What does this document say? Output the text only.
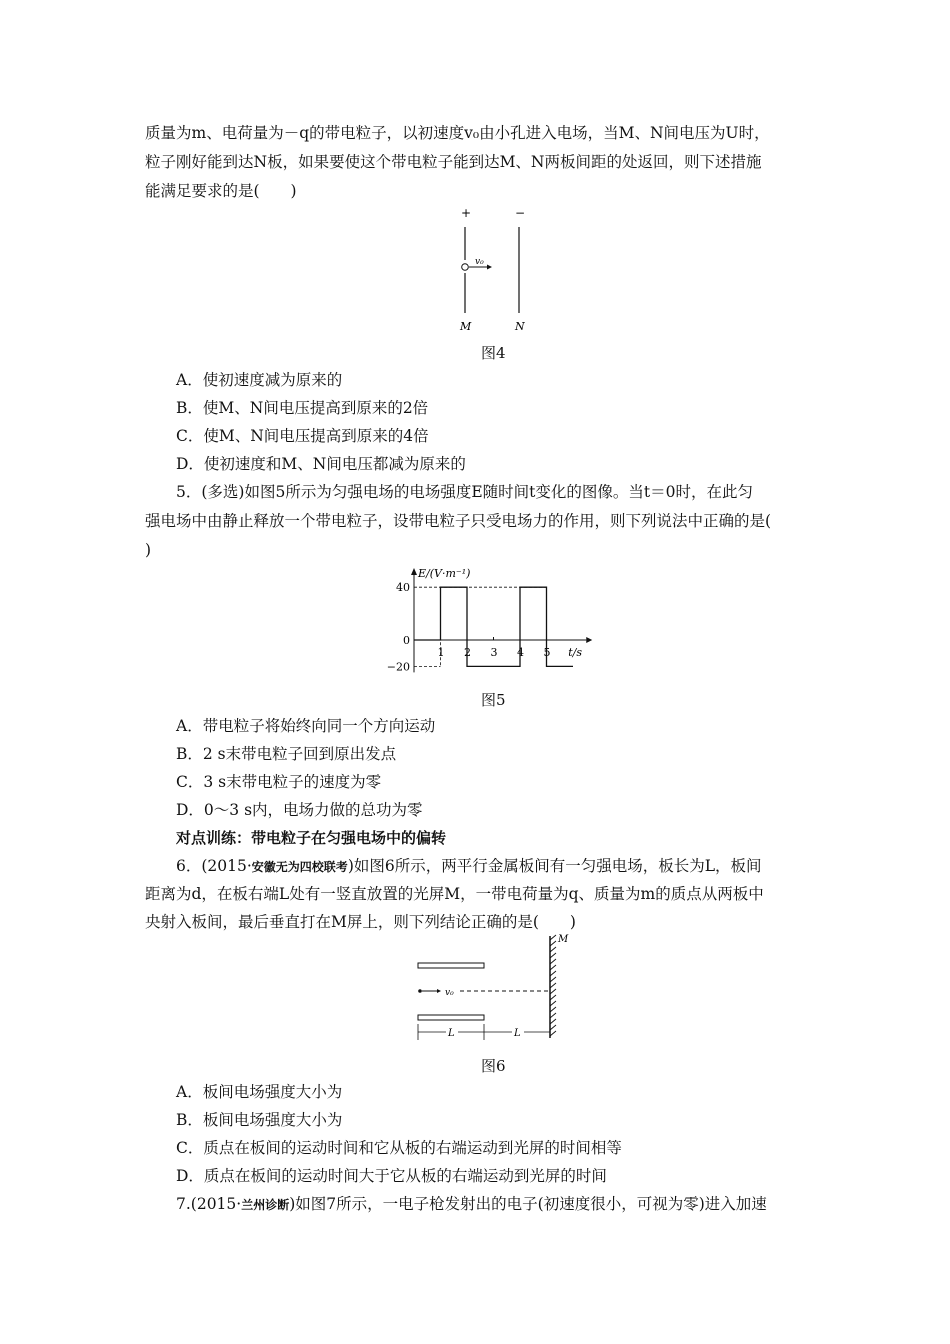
质量为m、电荷量为－q的带电粒子，以初速度v₀由小孔进入电场，当M、N间电压为U时，
粒子刚好能到达N板，如果要使这个带电粒子能到达M、N两板间距的处返回，则下述措施
能满足要求的是(　　)
+	−
v₀
M	N
图4
A．使初速度减为原来的
B．使M、N间电压提高到原来的2倍
C．使M、N间电压提高到原来的4倍
D．使初速度和M、N间电压都减为原来的
5．(多选)如图5所示为匀强电场的电场强度E随时间t变化的图像。当t＝0时，在此匀
强电场中由静止释放一个带电粒子，设带电粒子只受电场力的作用，则下列说法中正确的是(
)
E/(V·m⁻¹)
t/s
40
0
−20
1 2 3 4 5
图5
A．带电粒子将始终向同一个方向运动
B．2 s末带电粒子回到原出发点
C．3 s末带电粒子的速度为零
D．0～3 s内，电场力做的总功为零
对点训练：带电粒子在匀强电场中的偏转
6．(2015·安徽无为四校联考)如图6所示，两平行金属板间有一匀强电场，板长为L，板间
距离为d，在板右端L处有一竖直放置的光屏M，一带电荷量为q、质量为m的质点从两板中
央射入板间，最后垂直打在M屏上，则下列结论正确的是(　　)
v₀
M
L	L
图6
A．板间电场强度大小为
B．板间电场强度大小为
C．质点在板间的运动时间和它从板的右端运动到光屏的时间相等
D．质点在板间的运动时间大于它从板的右端运动到光屏的时间
7.(2015·兰州诊断)如图7所示，一电子枪发射出的电子(初速度很小，可视为零)进入加速
